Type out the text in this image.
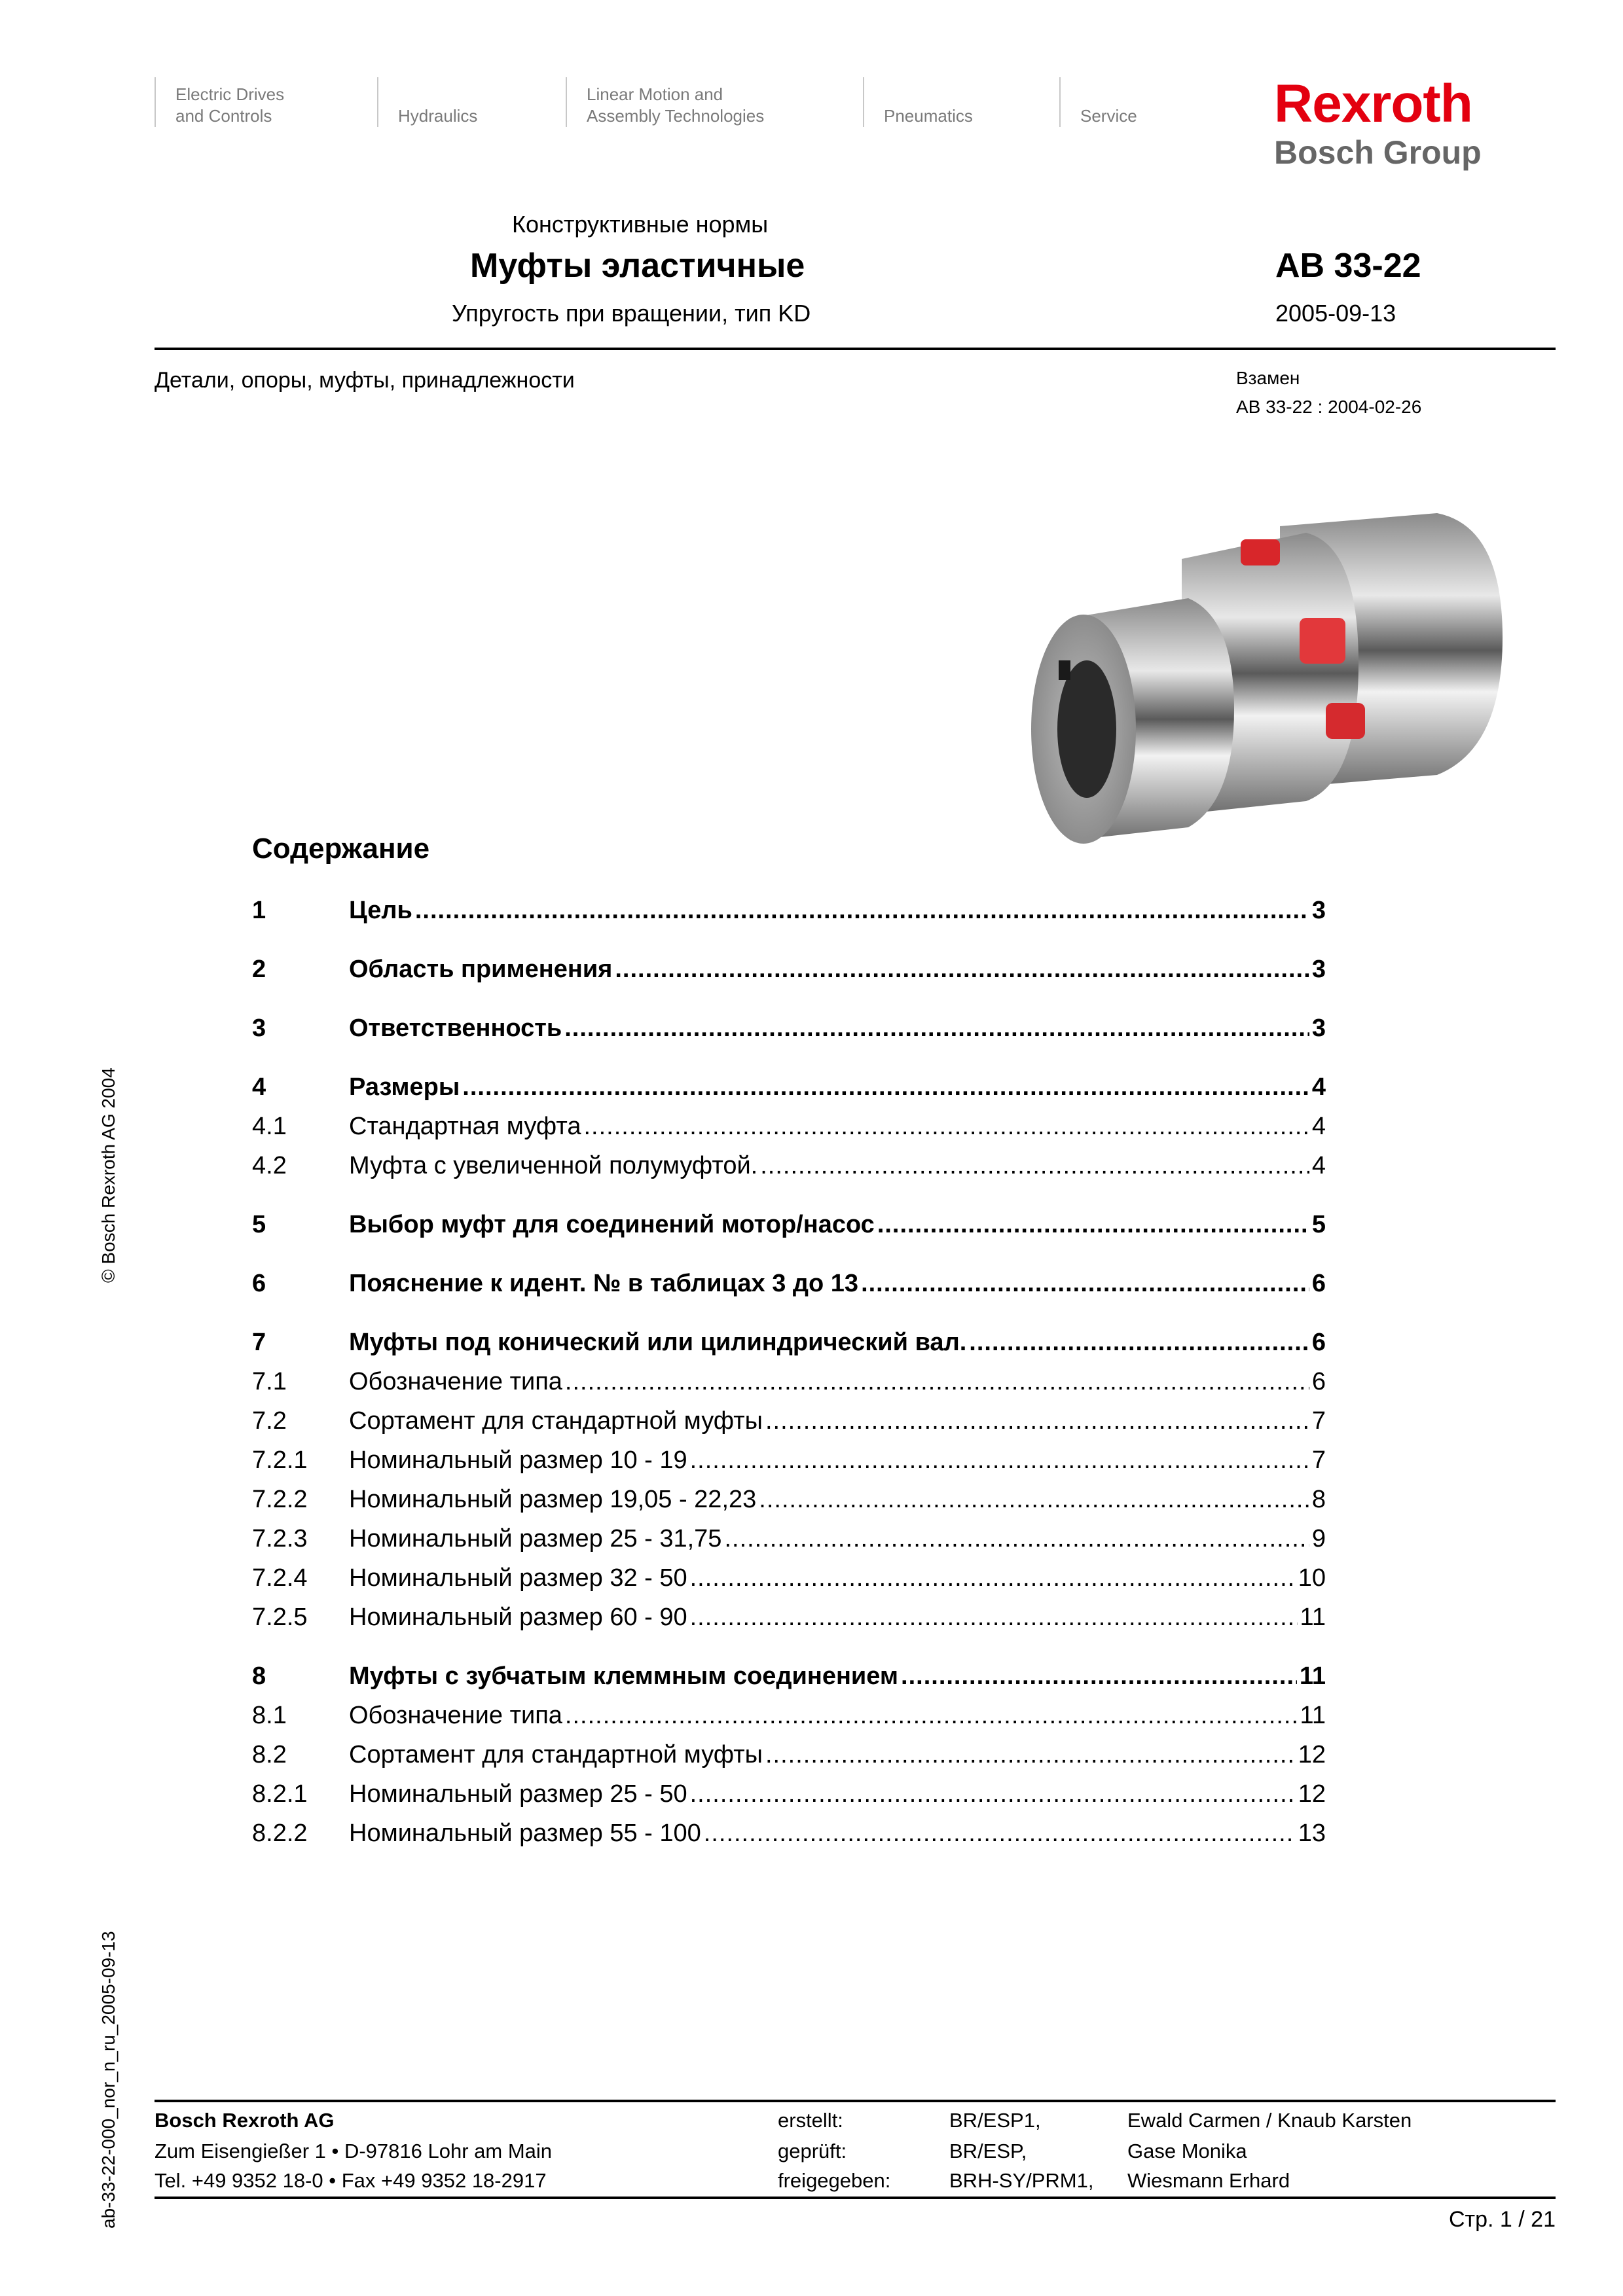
Electric Drives
and Controls	Hydraulics
Linear Motion and
Assembly Technologies	Pneumatics	Service	Rexroth
Bosch Group
Конструктивные нормы
Муфты эластичные
Упругость при вращении, тип KD
AB 33-22
2005-09-13
Детали, опоры, муфты, принадлежности	Взамен
AB 33-22 : 2004-02-26
Содержание
1	Цель .....	3
2	Область применения .....	3
3	Ответственность .....	3
4	Размеры .....	4
4.1	Стандартная муфта .....	4
4.2	Муфта с увеличенной полумуфтой. .....	4
5	Выбор муфт для соединений мотор/насос .....	5
6	Пояснение к идент. № в таблицах 3 до 13 .....	6
7	Муфты под конический или цилиндрический вал. .....	6
7.1	Обозначение типа .....	6
7.2	Сортамент для стандартной муфты .....	7
7.2.1	Номинальный размер 10 - 19 .....	7
7.2.2	Номинальный размер 19,05 - 22,23 .....	8
7.2.3	Номинальный размер 25 - 31,75 .....	9
7.2.4	Номинальный размер 32 - 50 .....	10
7.2.5	Номинальный размер 60 - 90 .....	11
8	Муфты с зубчатым клеммным соединением .....	11
8.1	Обозначение типа .....	11
8.2	Сортамент для стандартной муфты .....	12
8.2.1	Номинальный размер 25 - 50 .....	12
8.2.2	Номинальный размер 55 - 100 .....	13
© Bosch Rexroth AG 2004
ab-33-22-000_nor_n_ru_2005-09-13 Bosch Rexroth AG
Zum Eisengießer 1 • D-97816 Lohr am Main
Tel. +49 9352 18-0 • Fax +49 9352 18-2917
erstellt:	BR/ESP1,	Ewald Carmen / Knaub Karsten
geprüft:	BR/ESP,	Gase Monika
freigegeben:	BRH-SY/PRM1, Wiesmann Erhard
Стр. 1 / 21
